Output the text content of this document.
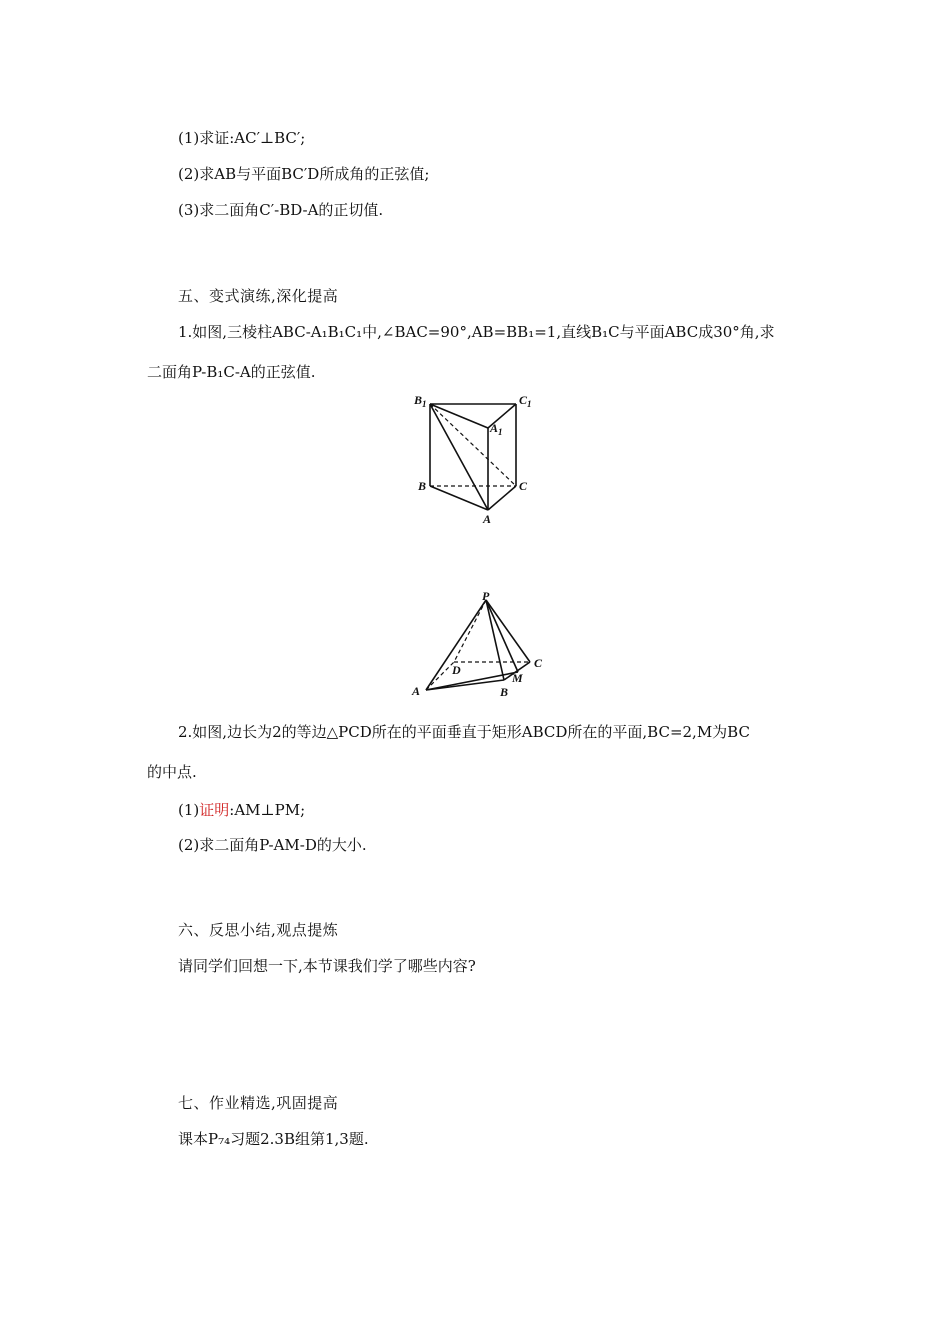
(1)求证:AC′⊥BC′;
(2)求AB与平面BC′D所成角的正弦值;
(3)求二面角C′-BD-A的正切值.
五、变式演练,深化提高
1.如图,三棱柱ABC-A₁B₁C₁中,∠BAC=90°,AB=BB₁=1,直线B₁C与平面ABC成30°角,求
二面角P-B₁C-A的正弦值.
B 1	C 1
A 1
B	C
A
P
D	C
M
A	B
2.如图,边长为2的等边△PCD所在的平面垂直于矩形ABCD所在的平面,BC=2,M为BC
的中点.
(1)证明:AM⊥PM;
(2)求二面角P-AM-D的大小.
六、反思小结,观点提炼
请同学们回想一下,本节课我们学了哪些内容?
七、作业精选,巩固提高
课本P₇₄习题2.3B组第1,3题.
